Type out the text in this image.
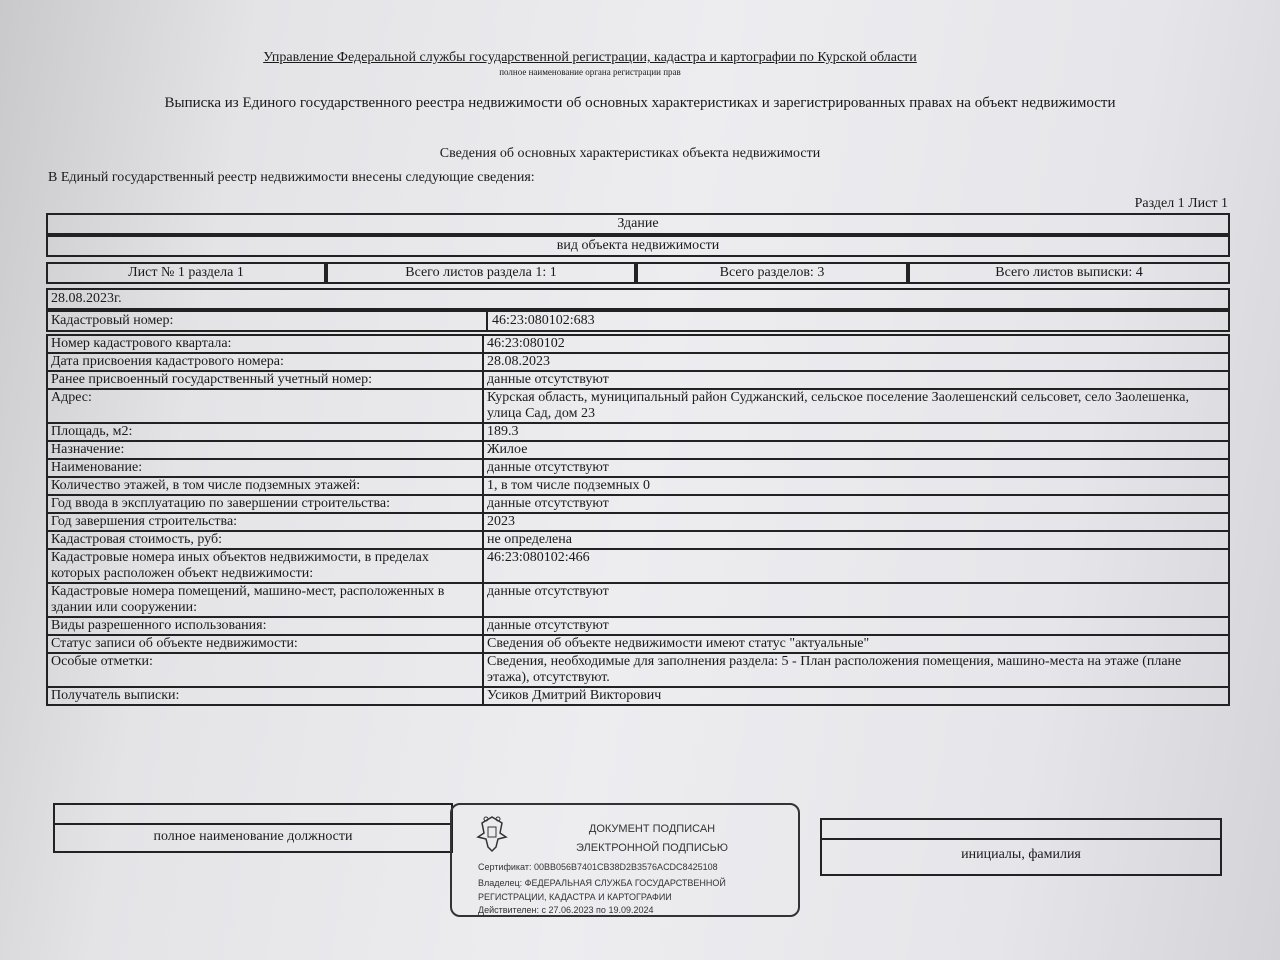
Управление Федеральной службы государственной регистрации, кадастра и картографии по Курской области
полное наименование органа регистрации прав
Выписка из Единого государственного реестра недвижимости об основных характеристиках и зарегистрированных правах на объект недвижимости
Сведения об основных характеристиках объекта недвижимости
В Единый государственный реестр недвижимости внесены следующие сведения:
Раздел 1 Лист 1
Здание
вид объекта недвижимости
Лист № 1 раздела 1	Всего листов раздела 1: 1	Всего разделов: 3	Всего листов выписки: 4
28.08.2023г.
Кадастровый номер:	46:23:080102:683
Номер кадастрового квартала:	46:23:080102
Дата присвоения кадастрового номера:	28.08.2023
Ранее присвоенный государственный учетный номер:	данные отсутствуют
Адрес:	Курская область, муниципальный район Суджанский, сельское поселение Заолешенский сельсовет, село Заолешенка, улица Сад, дом 23
Площадь, м2:	189.3
Назначение:	Жилое
Наименование:	данные отсутствуют
Количество этажей, в том числе подземных этажей:	1, в том числе подземных 0
Год ввода в эксплуатацию по завершении строительства:	данные отсутствуют
Год завершения строительства:	2023
Кадастровая стоимость, руб:	не определена
Кадастровые номера иных объектов недвижимости, в пределах которых расположен объект недвижимости:	46:23:080102:466
Кадастровые номера помещений, машино-мест, расположенных в здании или сооружении:	данные отсутствуют
Виды разрешенного использования:	данные отсутствуют
Статус записи об объекте недвижимости:	Сведения об объекте недвижимости имеют статус "актуальные"
Особые отметки:	Сведения, необходимые для заполнения раздела: 5 - План расположения помещения, машино-места на этаже (плане этажа), отсутствуют.
Получатель выписки:	Усиков Дмитрий Викторович
полное наименование должности	ДОКУМЕНТ ПОДПИСАН
ЭЛЕКТРОННОЙ ПОДПИСЬЮ
Сертификат: 00BB056B7401CB38D2B3576ACDC8425108
Владелец: ФЕДЕРАЛЬНАЯ СЛУЖБА ГОСУДАРСТВЕННОЙ
РЕГИСТРАЦИИ, КАДАСТРА И КАРТОГРАФИИ
Действителен: с 27.06.2023 по 19.09.2024
инициалы, фамилия
